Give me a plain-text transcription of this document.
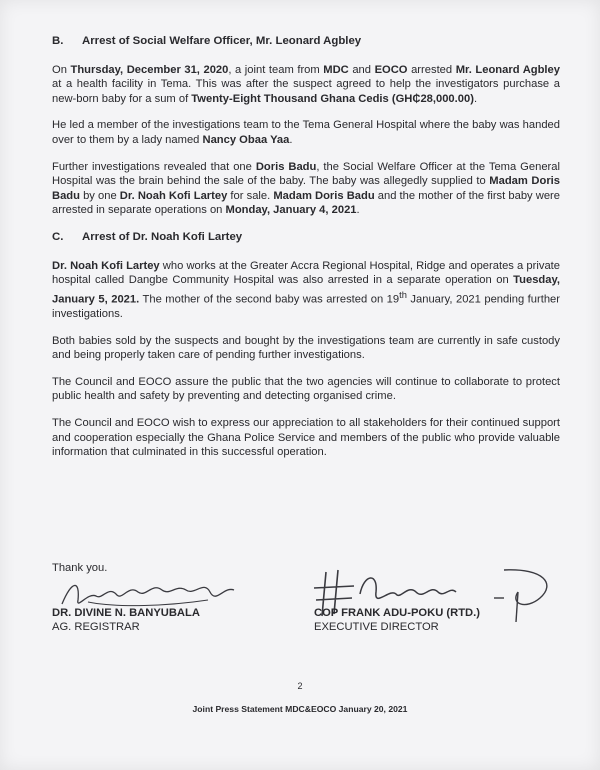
B.	Arrest of Social Welfare Officer, Mr. Leonard Agbley

On Thursday, December 31, 2020, a joint team from MDC and EOCO arrested Mr. Leonard Agbley at a health facility in Tema. This was after the suspect agreed to help the investigators purchase a new-born baby for a sum of Twenty-Eight Thousand Ghana Cedis (GH₵28,000.00).

He led a member of the investigations team to the Tema General Hospital where the baby was handed over to them by a lady named Nancy Obaa Yaa.

Further investigations revealed that one Doris Badu, the Social Welfare Officer at the Tema General Hospital was the brain behind the sale of the baby. The baby was allegedly supplied to Madam Doris Badu by one Dr. Noah Kofi Lartey for sale. Madam Doris Badu and the mother of the first baby were arrested in separate operations on Monday, January 4, 2021.

C.	Arrest of Dr. Noah Kofi Lartey

Dr. Noah Kofi Lartey who works at the Greater Accra Regional Hospital, Ridge and operates a private hospital called Dangbe Community Hospital was also arrested in a separate operation on Tuesday, January 5, 2021. The mother of the second baby was arrested on 19th January, 2021 pending further investigations.

Both babies sold by the suspects and bought by the investigations team are currently in safe custody and being properly taken care of pending further investigations.

The Council and EOCO assure the public that the two agencies will continue to collaborate to protect public health and safety by preventing and detecting organised crime.

The Council and EOCO wish to express our appreciation to all stakeholders for their continued support and cooperation especially the Ghana Police Service and members of the public who provide valuable information that culminated in this successful operation.

Thank you.
DR. DIVINE N. BANYUBALA
AG. REGISTRAR
COP FRANK ADU-POKU (RTD.)
EXECUTIVE DIRECTOR
2
Joint Press Statement MDC&EOCO January 20, 2021
